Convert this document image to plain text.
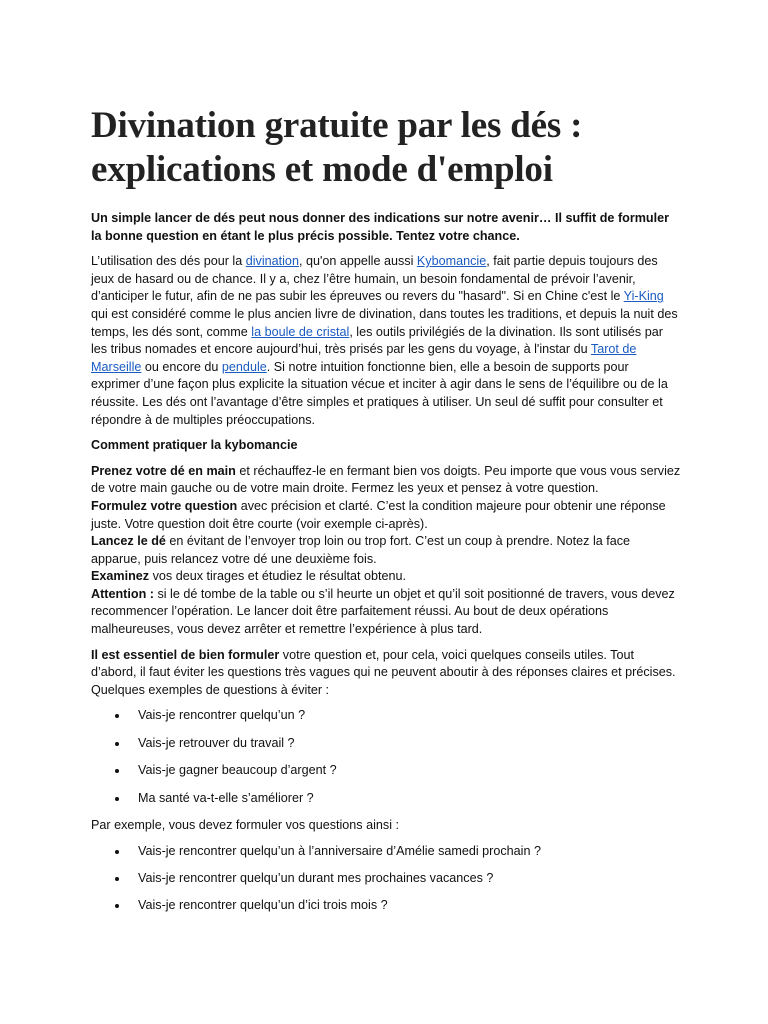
Divination gratuite par les dés : explications et mode d'emploi

Un simple lancer de dés peut nous donner des indications sur notre avenir… Il suffit de formuler la bonne question en étant le plus précis possible. Tentez votre chance.

L’utilisation des dés pour la divination, qu'on appelle aussi Kybomancie, fait partie depuis toujours des jeux de hasard ou de chance. Il y a, chez l’être humain, un besoin fondamental de prévoir l’avenir, d’anticiper le futur, afin de ne pas subir les épreuves ou revers du "hasard". Si en Chine c'est le Yi-King qui est considéré comme le plus ancien livre de divination, dans toutes les traditions, et depuis la nuit des temps, les dés sont, comme la boule de cristal, les outils privilégiés de la divination. Ils sont utilisés par les tribus nomades et encore aujourd’hui, très prisés par les gens du voyage, à l'instar du Tarot de Marseille ou encore du pendule. Si notre intuition fonctionne bien, elle a besoin de supports pour exprimer d’une façon plus explicite la situation vécue et inciter à agir dans le sens de l’équilibre ou de la réussite. Les dés ont l’avantage d’être simples et pratiques à utiliser. Un seul dé suffit pour consulter et répondre à de multiples préoccupations.

Comment pratiquer la kybomancie

Prenez votre dé en main et réchauffez-le en fermant bien vos doigts. Peu importe que vous vous serviez de votre main gauche ou de votre main droite. Fermez les yeux et pensez à votre question.
Formulez votre question avec précision et clarté. C’est la condition majeure pour obtenir une réponse juste. Votre question doit être courte (voir exemple ci-après).
Lancez le dé en évitant de l’envoyer trop loin ou trop fort. C’est un coup à prendre. Notez la face apparue, puis relancez votre dé une deuxième fois.
Examinez vos deux tirages et étudiez le résultat obtenu.
Attention : si le dé tombe de la table ou s’il heurte un objet et qu’il soit positionné de travers, vous devez recommencer l’opération. Le lancer doit être parfaitement réussi. Au bout de deux opérations malheureuses, vous devez arrêter et remettre l’expérience à plus tard.

Il est essentiel de bien formuler votre question et, pour cela, voici quelques conseils utiles. Tout d’abord, il faut éviter les questions très vagues qui ne peuvent aboutir à des réponses claires et précises. Quelques exemples de questions à éviter :

Vais-je rencontrer quelqu’un ?
Vais-je retrouver du travail ?
Vais-je gagner beaucoup d’argent ?
Ma santé va-t-elle s’améliorer ?

Par exemple, vous devez formuler vos questions ainsi :

Vais-je rencontrer quelqu’un à l’anniversaire d’Amélie samedi prochain ?
Vais-je rencontrer quelqu’un durant mes prochaines vacances ?
Vais-je rencontrer quelqu’un d’ici trois mois ?
